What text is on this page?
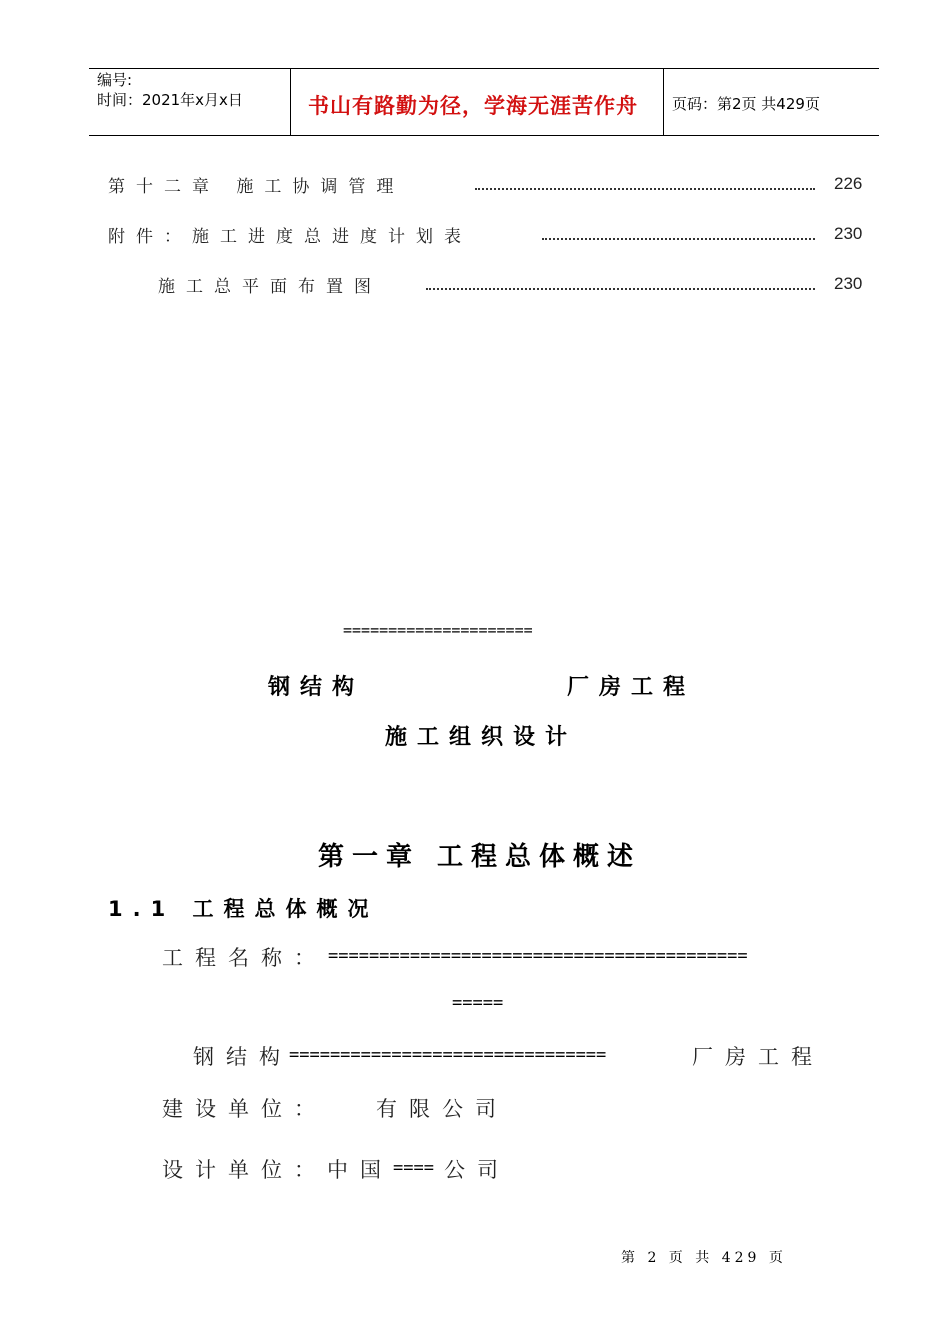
编号:
时间：2021年x月x日	书山有路勤为径，学海无涯苦作舟 页码：第2页 共429页
第十二章 施工协调管理	226
附件：施工进度总进度计划表	230
施工总平面布置图	230
=====================
钢结构	厂房工程
施工组织设计
第一章 工程总体概述
1.1 工程总体概况
工程名称： =========================================
=====
钢结构
===============================	厂房工程
建设单位： 有限公司
设计单位： 中国 ==== 公司
第 2 页 共 429 页
